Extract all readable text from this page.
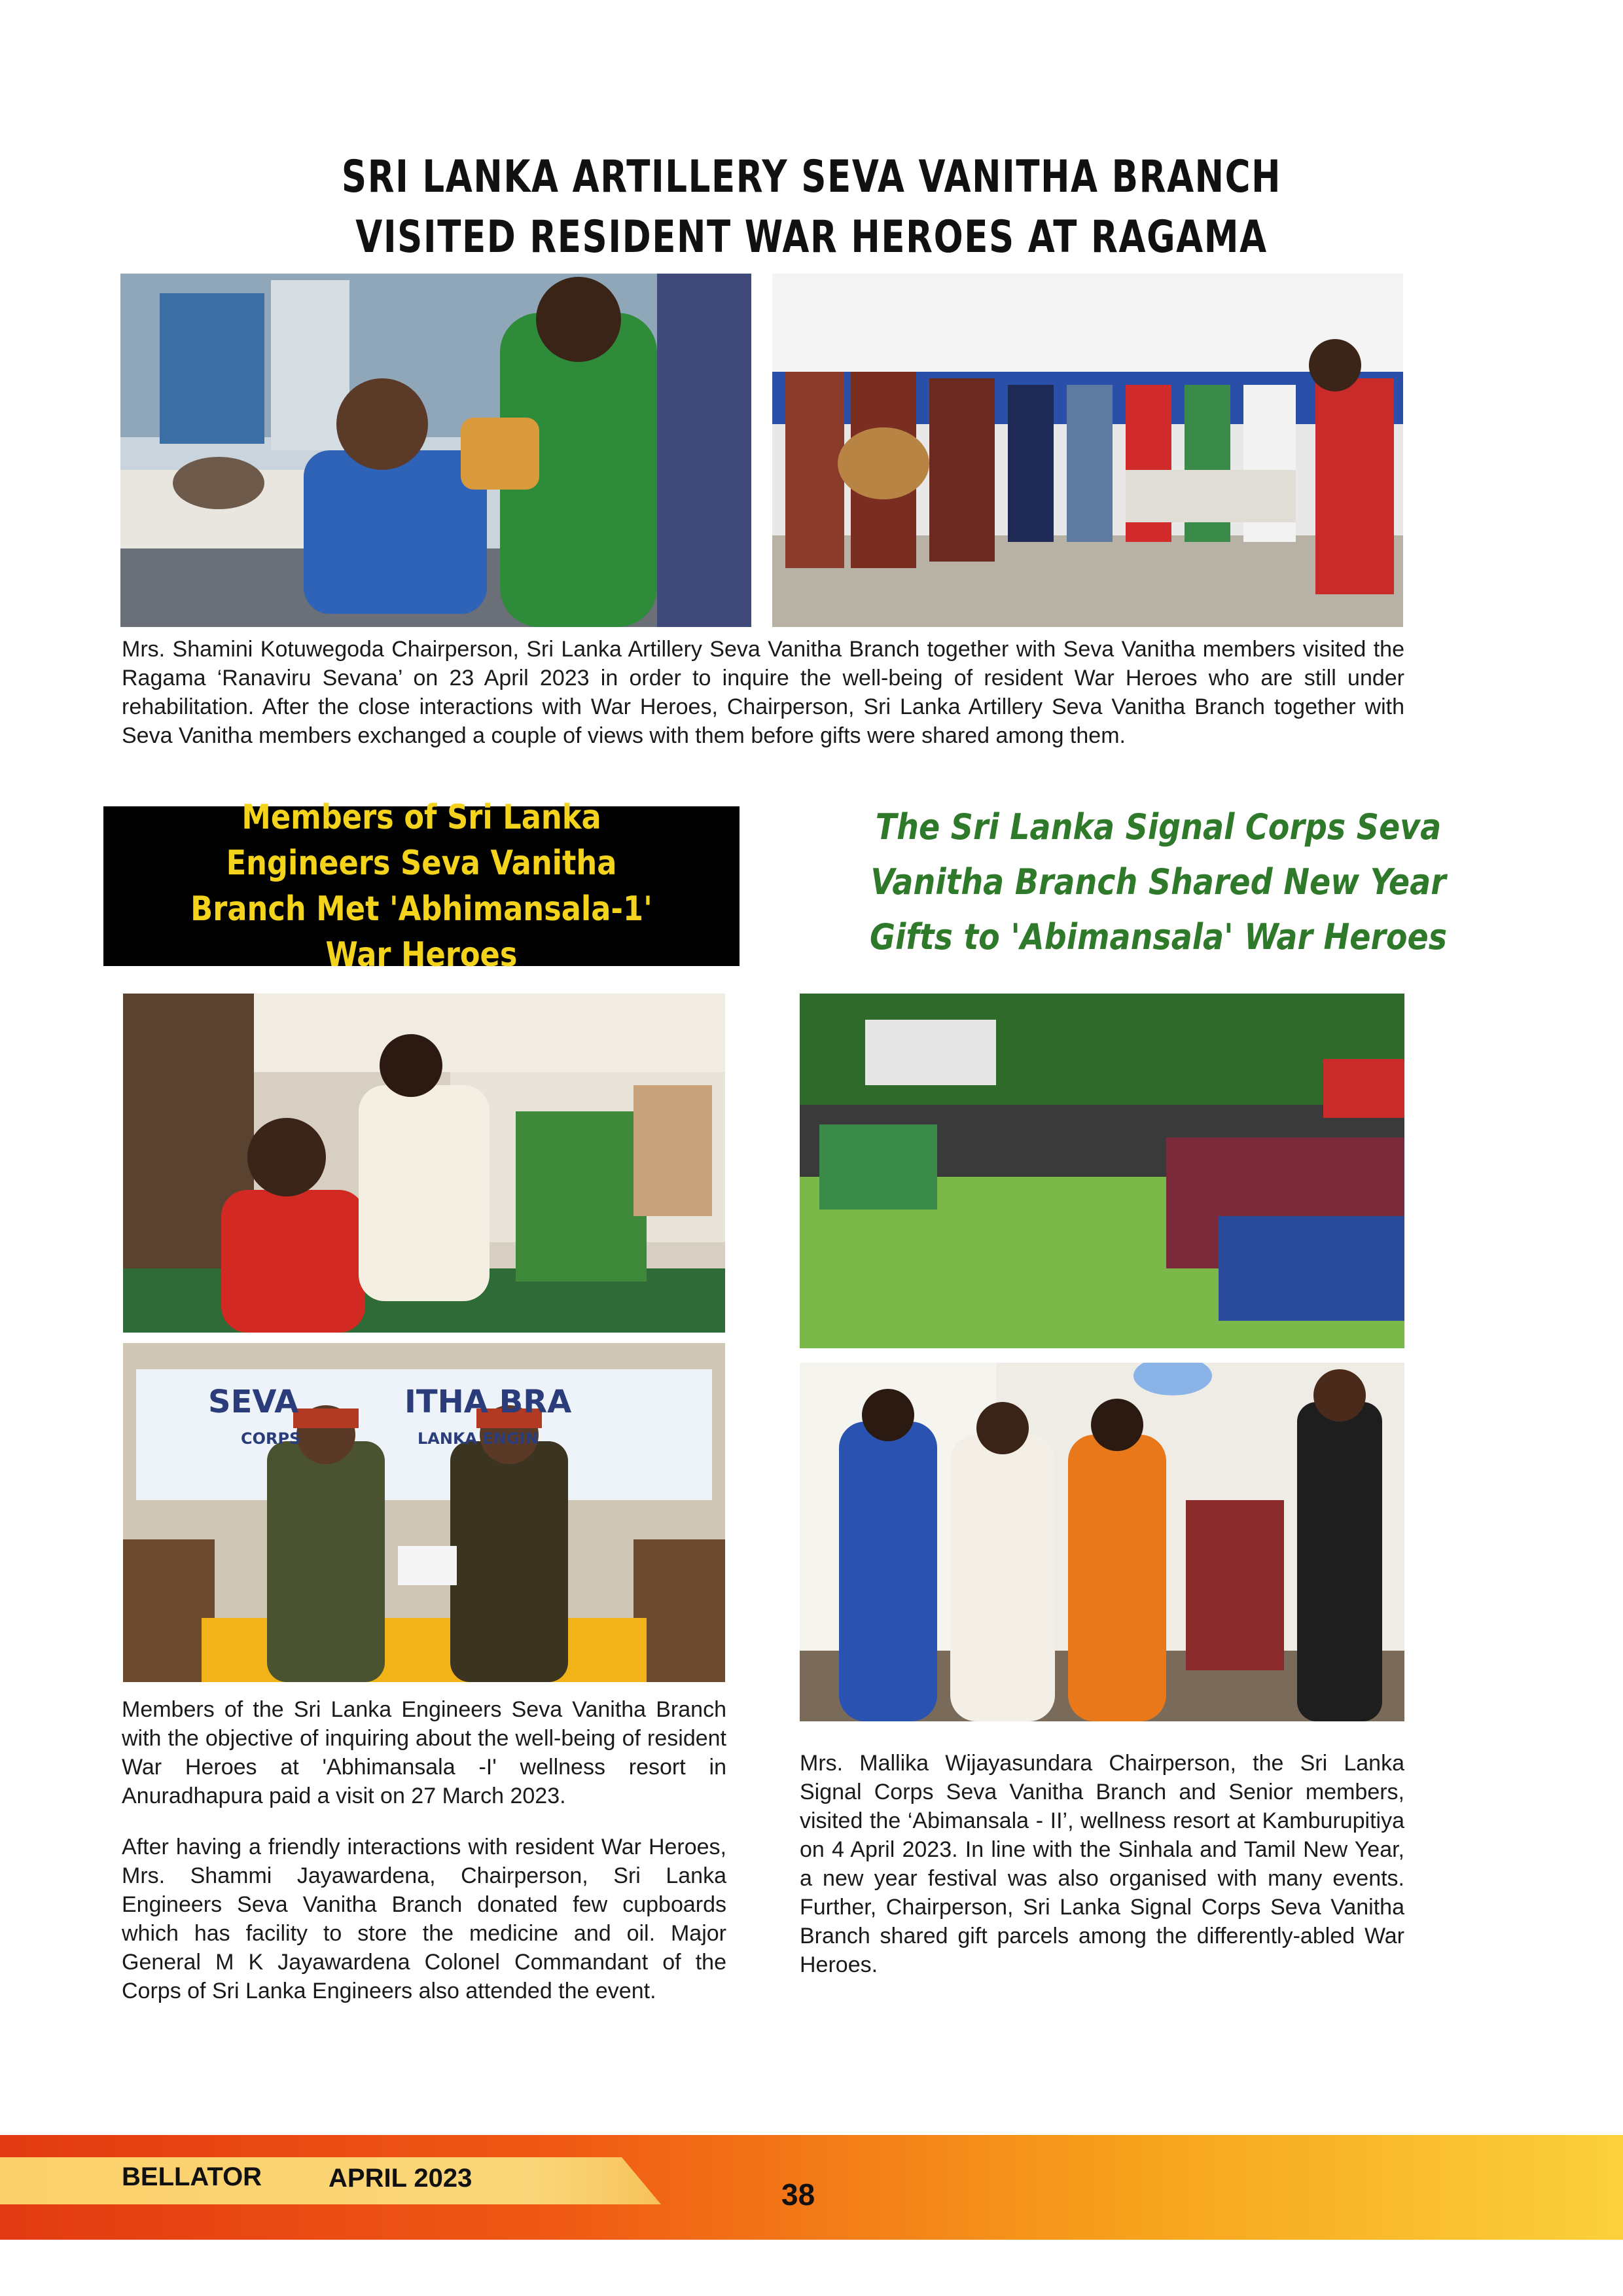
SRI LANKA ARTILLERY SEVA VANITHA BRANCH VISITED RESIDENT WAR HEROES AT RAGAMA
Mrs. Shamini Kotuwegoda Chairperson, Sri Lanka Artillery Seva Vanitha Branch together with Seva Vanitha members visited the Ragama ‘Ranaviru Sevana’ on 23 April 2023 in order to inquire the well-being of resident War Heroes who are still under rehabilitation. After the close interactions with War Heroes, Chairperson, Sri Lanka Artillery Seva Vanitha Branch together with Seva Vanitha members exchanged a couple of views with them before gifts were shared among them.
Members of Sri Lanka Engineers Seva Vanitha Branch Met 'Abhimansala-1' War Heroes
The Sri Lanka Signal Corps Seva Vanitha Branch Shared New Year Gifts to 'Abimansala' War Heroes
SEVA	ITHA BRA
CORPS	LANKA ENGIN

Members of the Sri Lanka Engineers Seva Vanitha Branch with the objective of inquiring about the well-being of resident War Heroes at 'Abhimansala -I' wellness resort in Anuradhapura paid a visit on 27 March 2023.

After having a friendly interactions with resident War Heroes, Mrs. Shammi Jayawardena, Chairperson, Sri Lanka Engineers Seva Vanitha Branch donated few cupboards which has facility to store the medicine and oil. Major General M K Jayawardena Colonel Commandant of the Corps of Sri Lanka Engineers also attended the event.

Mrs. Mallika Wijayasundara Chairperson, the Sri Lanka Signal Corps Seva Vanitha Branch and Senior members, visited the ‘Abimansala - II’, wellness resort at Kamburupitiya on 4 April 2023. In line with the Sinhala and Tamil New Year, a new year festival was also organised with many events. Further, Chairperson, Sri Lanka Signal Corps Seva Vanitha Branch shared gift parcels among the differently-abled War Heroes.
BELLATOR	APRIL 2023	38
